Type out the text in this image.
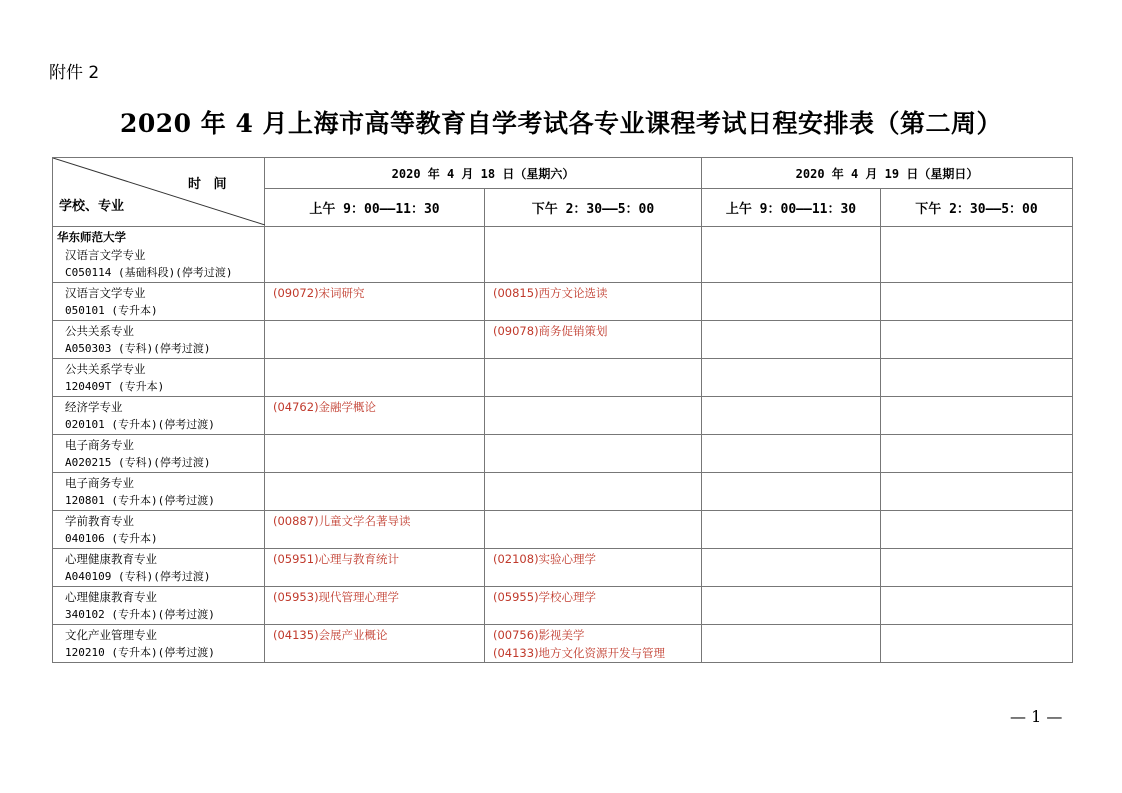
附件 2
2020 年 4 月上海市高等教育自学考试各专业课程考试日程安排表（第二周）
时 间
学校、专业	2020 年 4 月 18 日（星期六）		2020 年 4 月 19 日（星期日）	
	上午 9：00——11：30	下午 2：30——5：00	上午 9：00——11：30	下午 2：30——5：00

华东师范大学
汉语言文学专业
C050114 (基础科段)(停考过渡)				

汉语言文学专业
050101 (专升本)	(09072)宋词研究	(00815)西方文论选读		

公共关系专业
A050303 (专科)(停考过渡)		(09078)商务促销策划		

公共关系学专业
120409T (专升本)				

经济学专业
020101 (专升本)(停考过渡)	(04762)金融学概论			

电子商务专业
A020215 (专科)(停考过渡)				

电子商务专业
120801 (专升本)(停考过渡)				

学前教育专业
040106 (专升本)	(00887)儿童文学名著导读			

心理健康教育专业
A040109 (专科)(停考过渡)	(05951)心理与教育统计	(02108)实验心理学		

心理健康教育专业
340102 (专升本)(停考过渡)	(05953)现代管理心理学	(05955)学校心理学		

文化产业管理专业
120210 (专升本)(停考过渡)	(04135)会展产业概论	(00756)影视美学
(04133)地方文化资源开发与管理		

— 1 —
